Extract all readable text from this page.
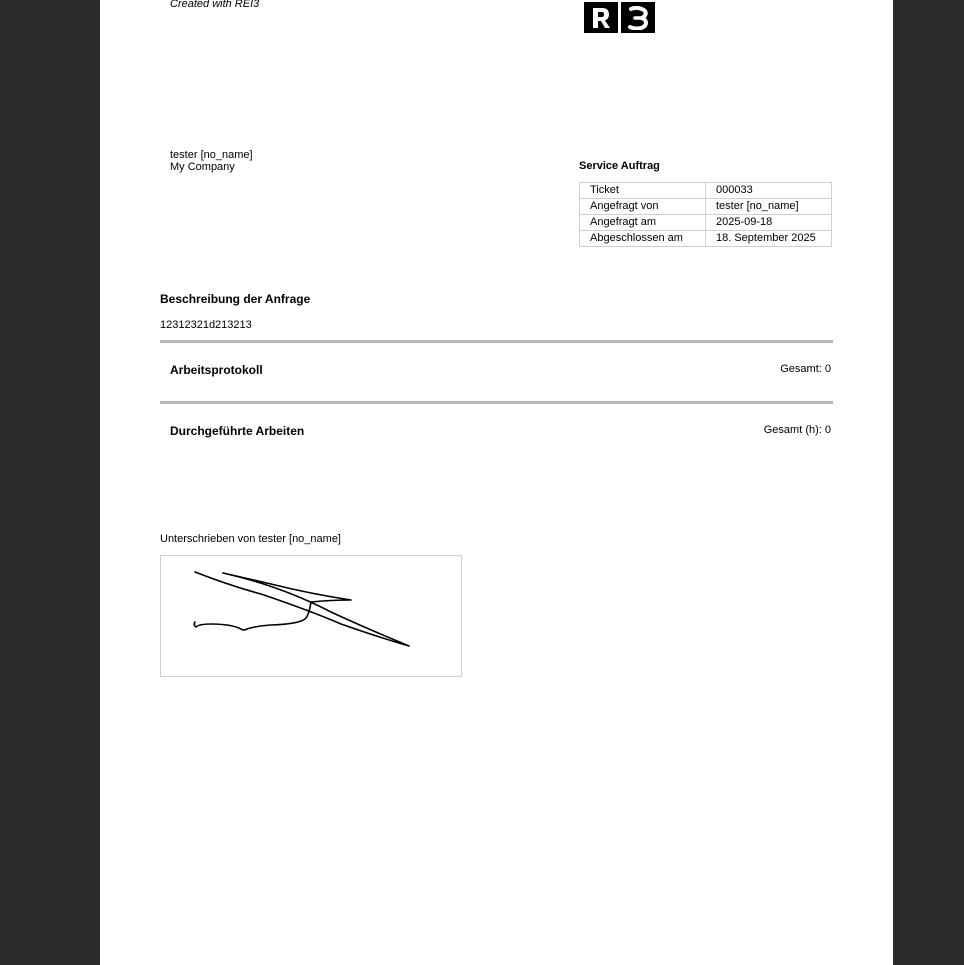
Created with REI3
tester [no_name]
My Company	Service Auftrag
Ticket	000033
Angefragt von	tester [no_name]
Angefragt am	2025-09-18
Abgeschlossen am	18. September 2025
Beschreibung der Anfrage
12312321d213213
Arbeitsprotokoll	Gesamt: 0
Durchgeführte Arbeiten	Gesamt (h): 0
Unterschrieben von tester [no_name]
